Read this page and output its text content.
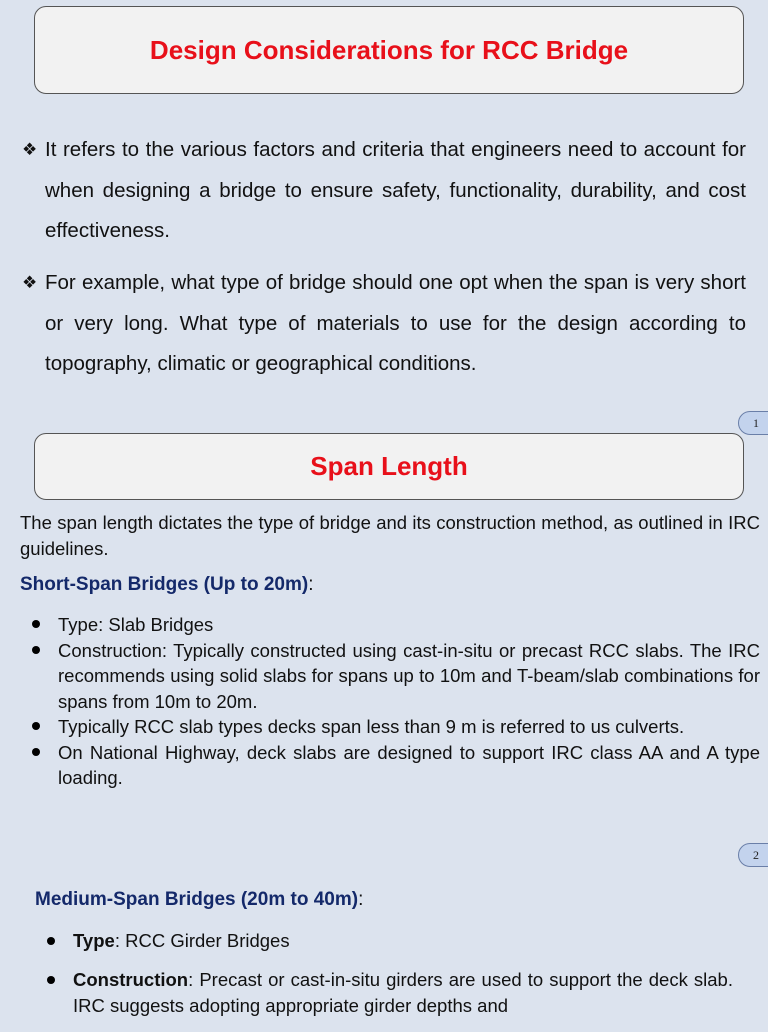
Design Considerations for RCC Bridge
❖ It refers to the various factors and criteria that engineers need to account for when designing a bridge to ensure safety, functionality, durability, and cost effectiveness.
❖ For example, what type of bridge should one opt when the span is very short or very long. What type of materials to use for the design according to topography, climatic or geographical conditions.
1
Span Length
The span length dictates the type of bridge and its construction method, as outlined in IRC guidelines.
Short-Span Bridges (Up to 20m):
Type: Slab Bridges
Construction: Typically constructed using cast-in-situ or precast RCC slabs. The IRC recommends using solid slabs for spans up to 10m and T-beam/slab combinations for spans from 10m to 20m.
Typically RCC slab types decks span less than 9 m is referred to us culverts.
On National Highway, deck slabs are designed to support IRC class AA and A type loading.
2
Medium-Span Bridges (20m to 40m):
Type: RCC Girder Bridges
Construction: Precast or cast-in-situ girders are used to support the deck slab. IRC suggests adopting appropriate girder depths and
